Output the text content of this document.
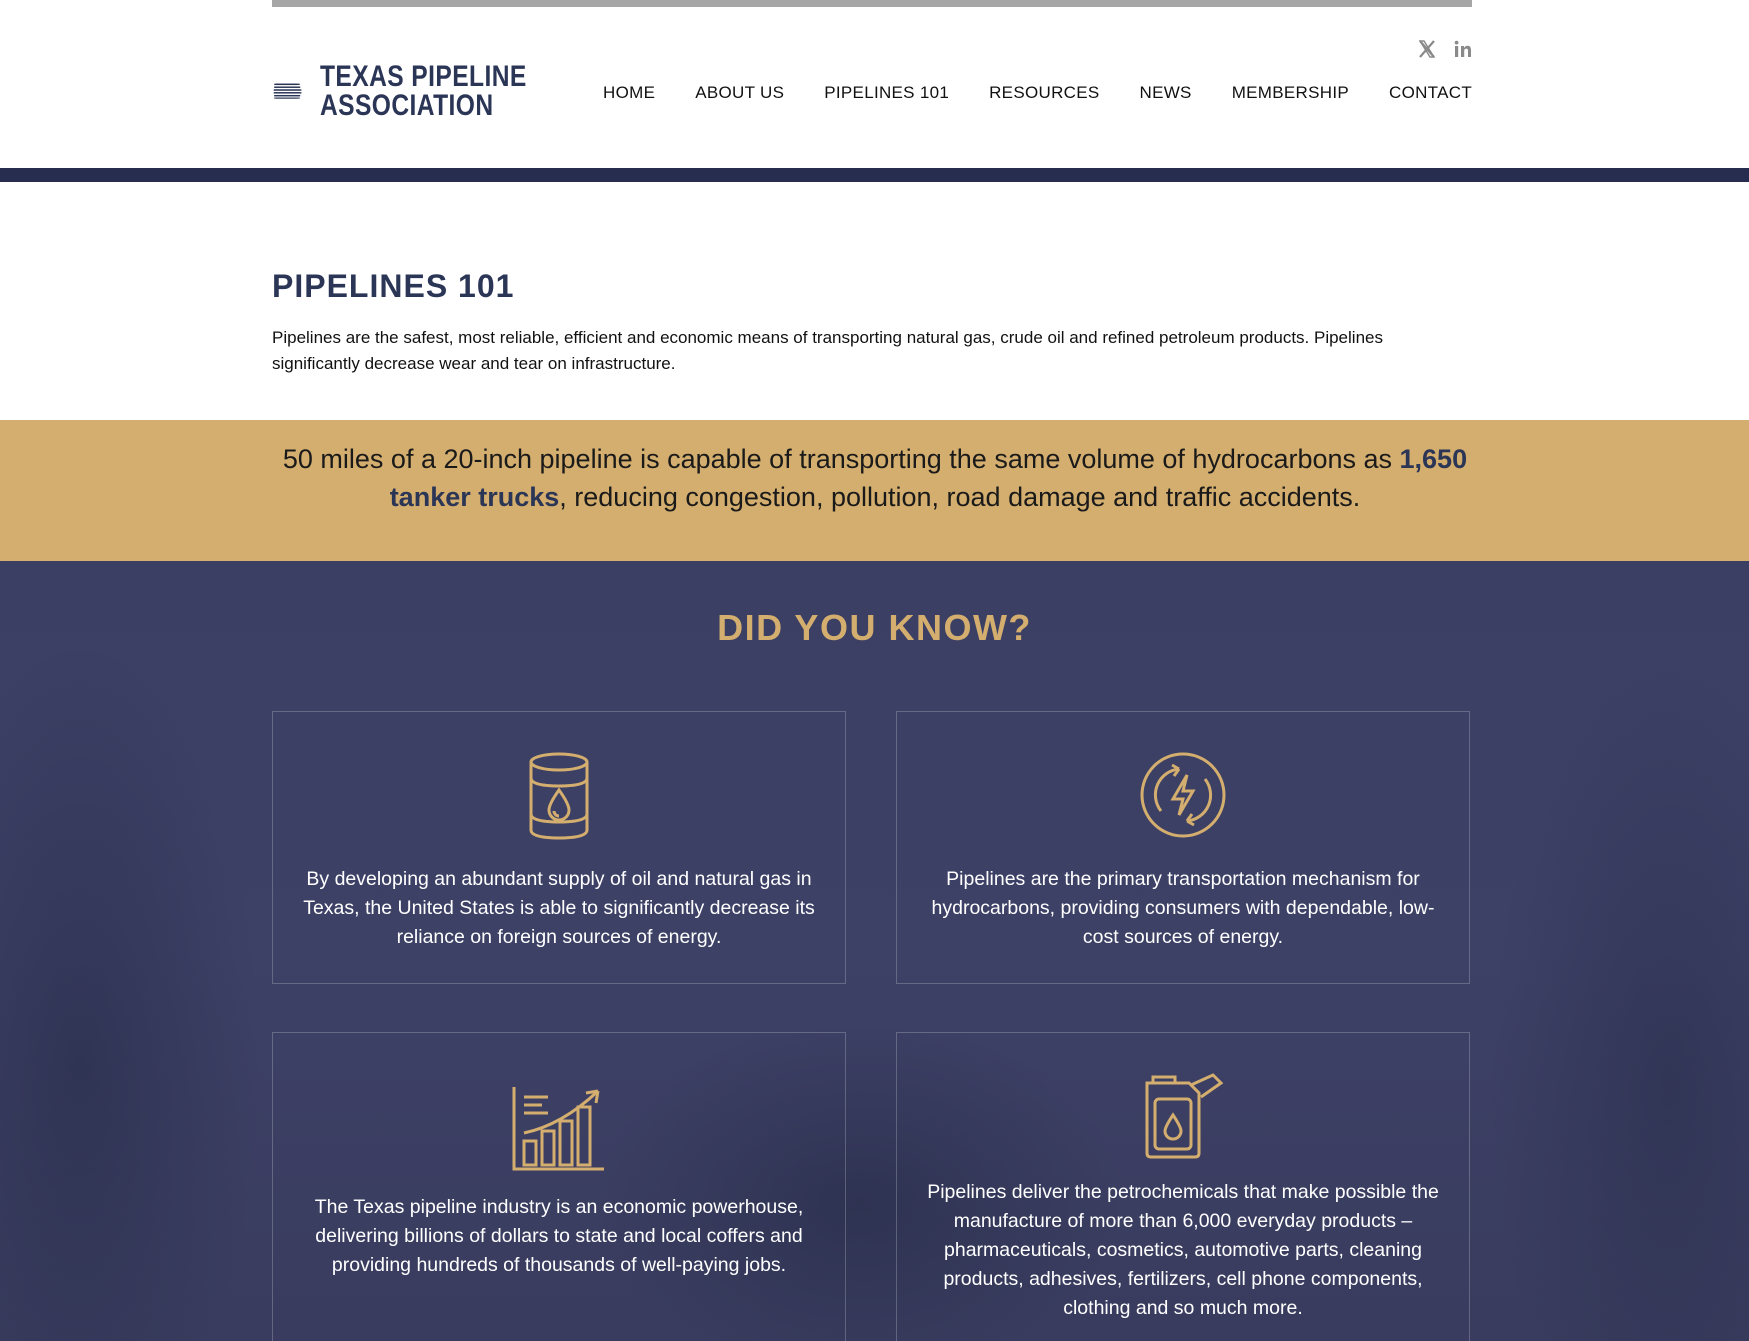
TEXAS PIPELINE
ASSOCIATION	HOME ABOUT US PIPELINES 101 RESOURCES NEWS MEMBERSHIP CONTACT
PIPELINES 101

Pipelines are the safest, most reliable, efficient and economic means of transporting natural gas, crude oil and refined petroleum products. Pipelines significantly decrease wear and tear on infrastructure.

50 miles of a 20-inch pipeline is capable of transporting the same volume of hydrocarbons as 1,650 tanker trucks, reducing congestion, pollution, road damage and traffic accidents.
DID YOU KNOW?

By developing an abundant supply of oil and natural gas in Texas, the United States is able to significantly decrease its reliance on foreign sources of energy.

Pipelines are the primary transportation mechanism for hydrocarbons, providing consumers with dependable, low-cost sources of energy.

The Texas pipeline industry is an economic powerhouse, delivering billions of dollars to state and local coffers and providing hundreds of thousands of well-paying jobs.

Pipelines deliver the petrochemicals that make possible the manufacture of more than 6,000 everyday products – pharmaceuticals, cosmetics, automotive parts, cleaning products, adhesives, fertilizers, cell phone components, clothing and so much more.
